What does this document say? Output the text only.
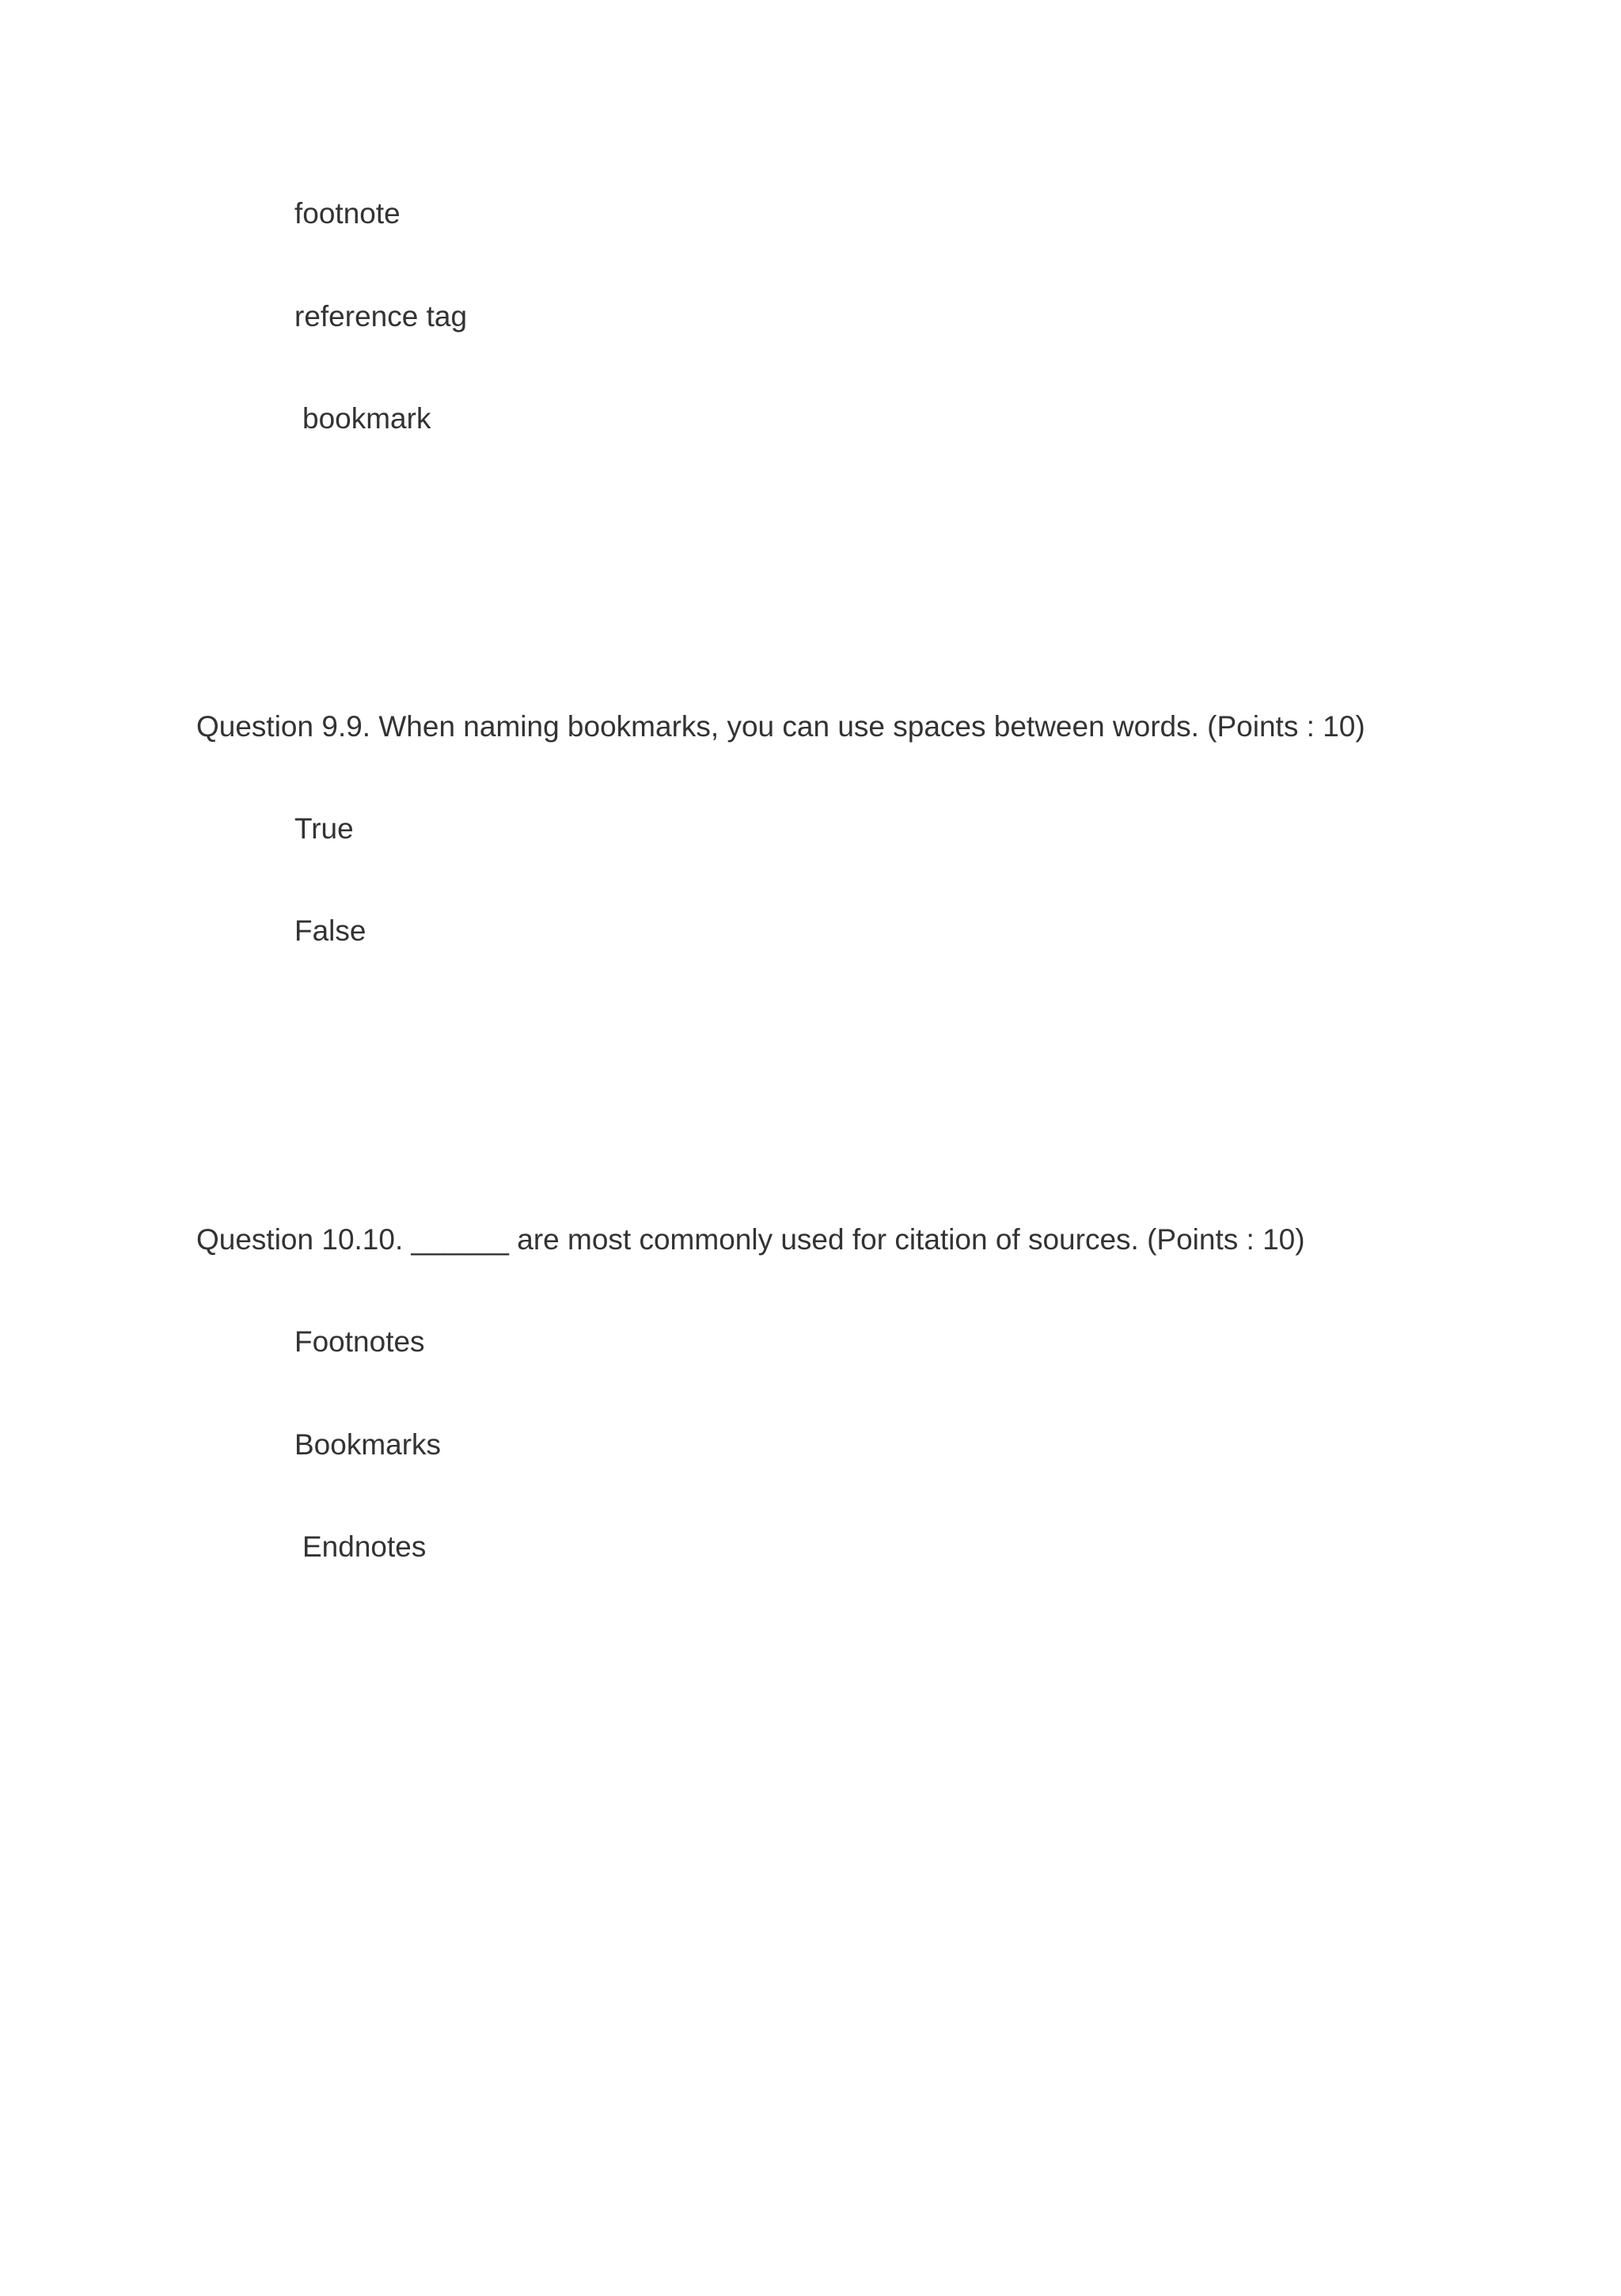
footnote

reference tag

bookmark

Question 9.9. When naming bookmarks, you can use spaces between words. (Points : 10)

True

False

Question 10.10. ______ are most commonly used for citation of sources. (Points : 10)

Footnotes

Bookmarks

Endnotes
